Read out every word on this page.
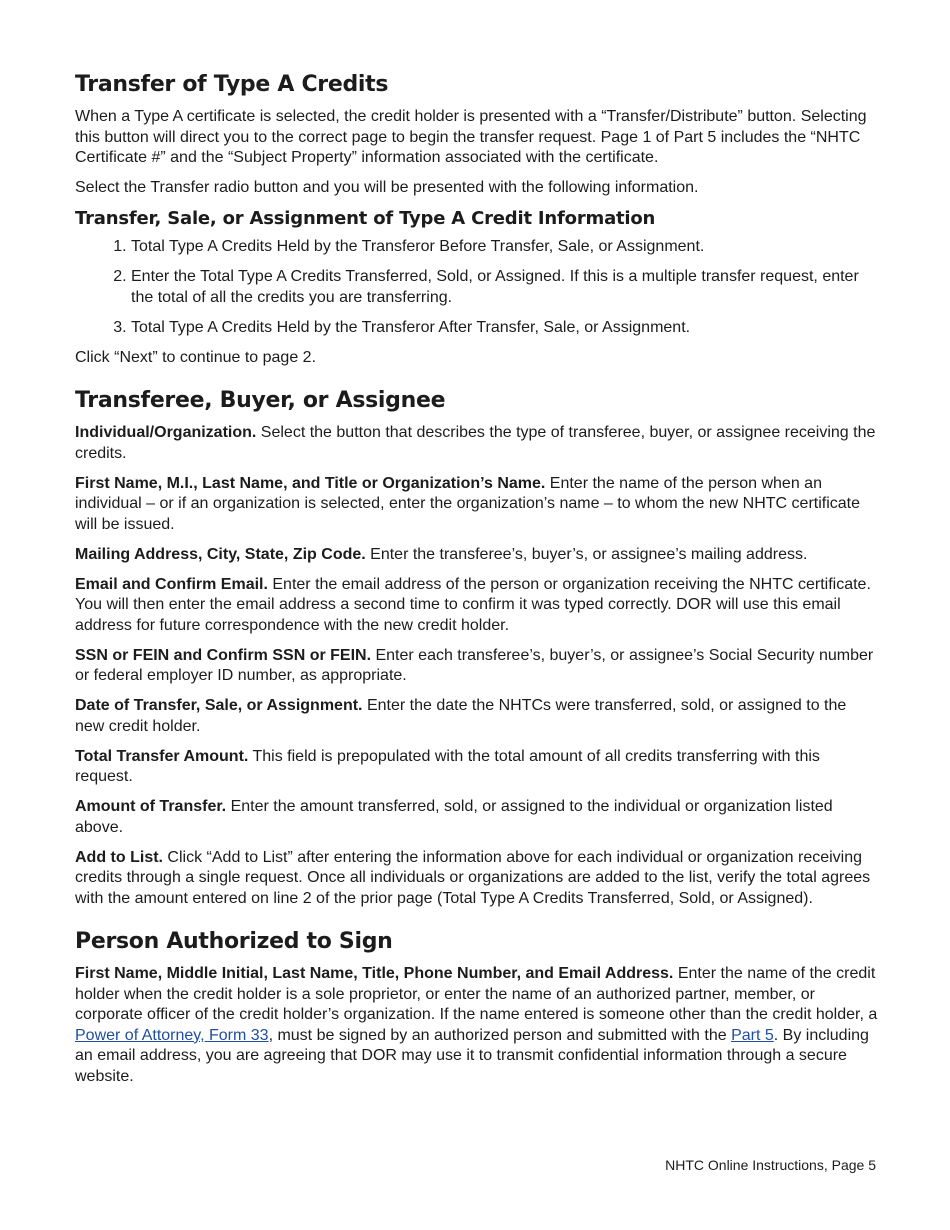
Transfer of Type A Credits

When a Type A certificate is selected, the credit holder is presented with a “Transfer/Distribute” button. Selecting this button will direct you to the correct page to begin the transfer request. Page 1 of Part 5 includes the “NHTC Certificate #” and the “Subject Property” information associated with the certificate.

Select the Transfer radio button and you will be presented with the following information.

Transfer, Sale, or Assignment of Type A Credit Information
1. Total Type A Credits Held by the Transferor Before Transfer, Sale, or Assignment.
2. Enter the Total Type A Credits Transferred, Sold, or Assigned. If this is a multiple transfer request, enter the total of all the credits you are transferring.
3. Total Type A Credits Held by the Transferor After Transfer, Sale, or Assignment.

Click “Next” to continue to page 2.

Transferee, Buyer, or Assignee

Individual/Organization. Select the button that describes the type of transferee, buyer, or assignee receiving the credits.

First Name, M.I., Last Name, and Title or Organization’s Name. Enter the name of the person when an individual – or if an organization is selected, enter the organization’s name – to whom the new NHTC certificate will be issued.

Mailing Address, City, State, Zip Code. Enter the transferee’s, buyer’s, or assignee’s mailing address.

Email and Confirm Email. Enter the email address of the person or organization receiving the NHTC certificate. You will then enter the email address a second time to confirm it was typed correctly. DOR will use this email address for future correspondence with the new credit holder.

SSN or FEIN and Confirm SSN or FEIN. Enter each transferee’s, buyer’s, or assignee’s Social Security number or federal employer ID number, as appropriate.

Date of Transfer, Sale, or Assignment. Enter the date the NHTCs were transferred, sold, or assigned to the new credit holder.

Total Transfer Amount. This field is prepopulated with the total amount of all credits transferring with this request.

Amount of Transfer. Enter the amount transferred, sold, or assigned to the individual or organization listed above.

Add to List. Click “Add to List” after entering the information above for each individual or organization receiving credits through a single request. Once all individuals or organizations are added to the list, verify the total agrees with the amount entered on line 2 of the prior page (Total Type A Credits Transferred, Sold, or Assigned).

Person Authorized to Sign

First Name, Middle Initial, Last Name, Title, Phone Number, and Email Address. Enter the name of the credit holder when the credit holder is a sole proprietor, or enter the name of an authorized partner, member, or corporate officer of the credit holder’s organization. If the name entered is someone other than the credit holder, a Power of Attorney, Form 33, must be signed by an authorized person and submitted with the Part 5. By including an email address, you are agreeing that DOR may use it to transmit confidential information through a secure website.

NHTC Online Instructions, Page 5
